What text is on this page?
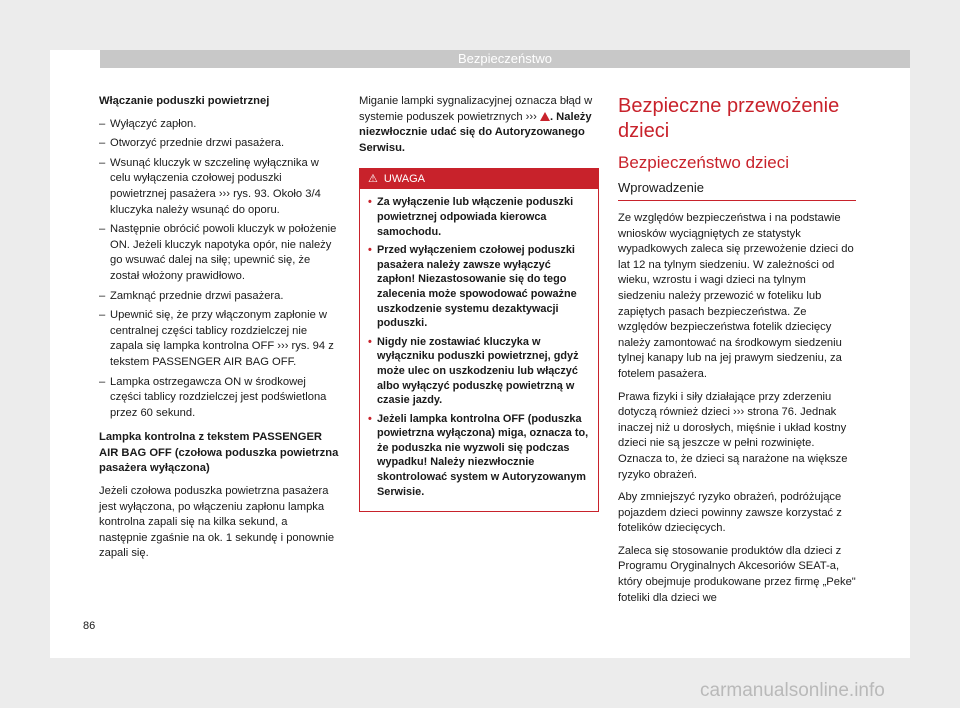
Bezpieczeństwo
Włączanie poduszki powietrznej
– Wyłączyć zapłon.
– Otworzyć przednie drzwi pasażera.
– Wsunąć kluczyk w szczelinę wyłącznika w celu wyłączenia czołowej poduszki powietrznej pasażera ››› rys. 93. Około 3/4 kluczyka należy wsunąć do oporu.
– Następnie obrócić powoli kluczyk w położenie ON. Jeżeli kluczyk napotyka opór, nie należy go wsuwać dalej na siłę; upewnić się, że został włożony prawidłowo.
– Zamknąć przednie drzwi pasażera.
– Upewnić się, że przy włączonym zapłonie w centralnej części tablicy rozdzielczej nie zapala się lampka kontrolna OFF ››› rys. 94 z tekstem PASSENGER AIR BAG OFF.
– Lampka ostrzegawcza ON w środkowej części tablicy rozdzielczej jest podświetlona przez 60 sekund.
Lampka kontrolna z tekstem PASSENGER AIR BAG OFF (czołowa poduszka powietrzna pasażera wyłączona)
Jeżeli czołowa poduszka powietrzna pasażera jest wyłączona, po włączeniu zapłonu lampka kontrolna zapali się na kilka sekund, a następnie zgaśnie na ok. 1 sekundę i ponownie zapali się.
Miganie lampki sygnalizacyjnej oznacza błąd w systemie poduszek powietrznych ››› . Należy niezwłocznie udać się do Autoryzowanego Serwisu.
⚠ UWAGA
• Za wyłączenie lub włączenie poduszki powietrznej odpowiada kierowca samochodu.
• Przed wyłączeniem czołowej poduszki pasażera należy zawsze wyłączyć zapłon! Niezastosowanie się do tego zalecenia może spowodować poważne uszkodzenie systemu dezaktywacji poduszki.
• Nigdy nie zostawiać kluczyka w wyłączniku poduszki powietrznej, gdyż może ulec on uszkodzeniu lub włączyć albo wyłączyć poduszkę powietrzną w czasie jazdy.
• Jeżeli lampka kontrolna OFF (poduszka powietrzna wyłączona) miga, oznacza to, że poduszka nie wyzwoli się podczas wypadku! Należy niezwłocznie skontrolować system w Autoryzowanym Serwisie.
Bezpieczne przewożenie dzieci
Bezpieczeństwo dzieci
Wprowadzenie
Ze względów bezpieczeństwa i na podstawie wniosków wyciągniętych ze statystyk wypadkowych zaleca się przewożenie dzieci do lat 12 na tylnym siedzeniu. W zależności od wieku, wzrostu i wagi dzieci na tylnym siedzeniu należy przewozić w foteliku lub zapiętych pasach bezpieczeństwa. Ze względów bezpieczeństwa fotelik dziecięcy należy zamontować na środkowym siedzeniu tylnej kanapy lub na jej prawym siedzeniu, za fotelem pasażera.
Prawa fizyki i siły działające przy zderzeniu dotyczą również dzieci ››› strona 76. Jednak inaczej niż u dorosłych, mięśnie i układ kostny dzieci nie są jeszcze w pełni rozwinięte. Oznacza to, że dzieci są narażone na większe ryzyko obrażeń.
Aby zmniejszyć ryzyko obrażeń, podróżujące pojazdem dzieci powinny zawsze korzystać z fotelików dziecięcych.
Zaleca się stosowanie produktów dla dzieci z Programu Oryginalnych Akcesoriów SEAT-a, który obejmuje produkowane przez firmę „Peke" foteliki dla dzieci we
86
carmanualsonline.info
